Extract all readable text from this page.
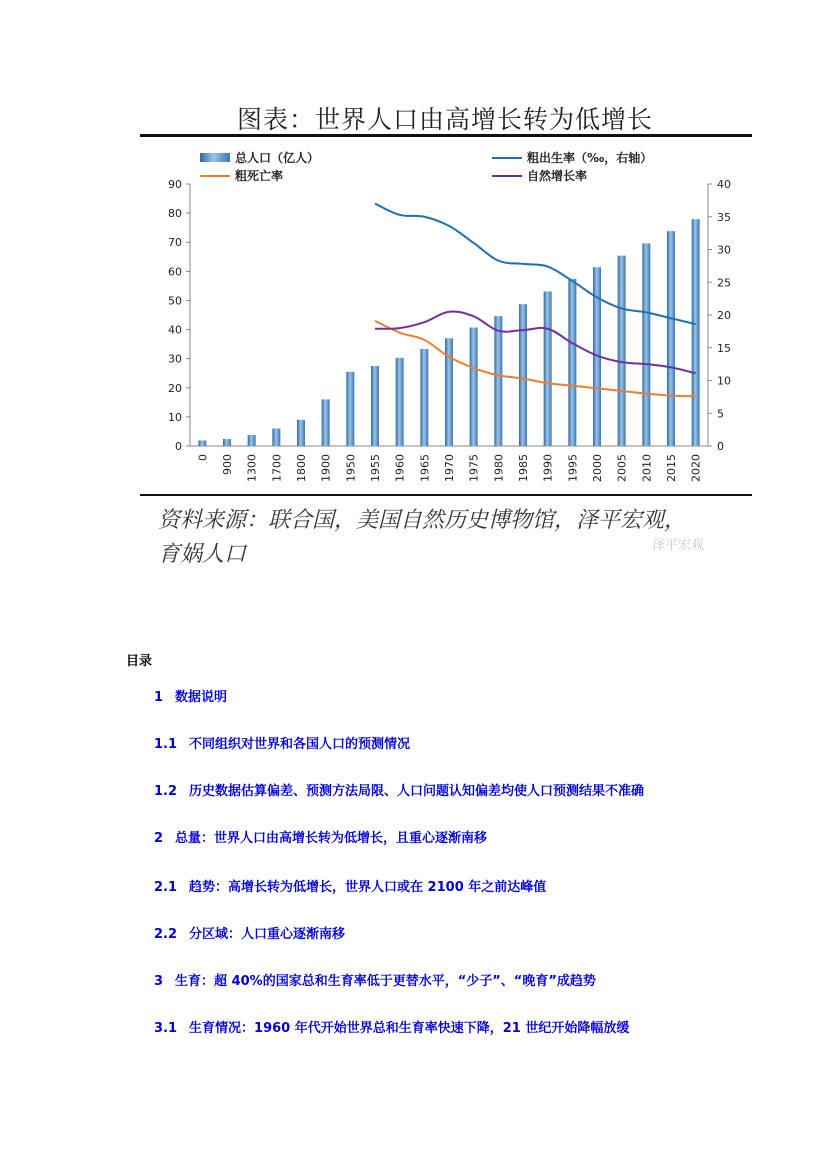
图表：世界人口由高增长转为低增长
0
10
20
30
40
50
60
70
80
90
0
5
10
15
20
25
30
35
40
0 900 1300 1700 1800 1900 1950 1955 1960 1965 1970 1975 1980 1985 1990 1995 2000 2005 2010 2015 2020
总人口（亿人）	粗出生率（‰，右轴）
粗死亡率	自然增长率
资料来源：联合国，美国自然历史博物馆，泽平宏观，
育娲人口	泽平宏观
目录
1 数据说明
1.1 不同组织对世界和各国人口的预测情况
1.2 历史数据估算偏差、预测方法局限、人口问题认知偏差均使人口预测结果不准确
2 总量：世界人口由高增长转为低增长，且重心逐渐南移
2.1 趋势：高增长转为低增长，世界人口或在 2100 年之前达峰值
2.2 分区域：人口重心逐渐南移
3 生育：超 40%的国家总和生育率低于更替水平，“少子”、“晚育”成趋势
3.1 生育情况：1960 年代开始世界总和生育率快速下降，21 世纪开始降幅放缓
